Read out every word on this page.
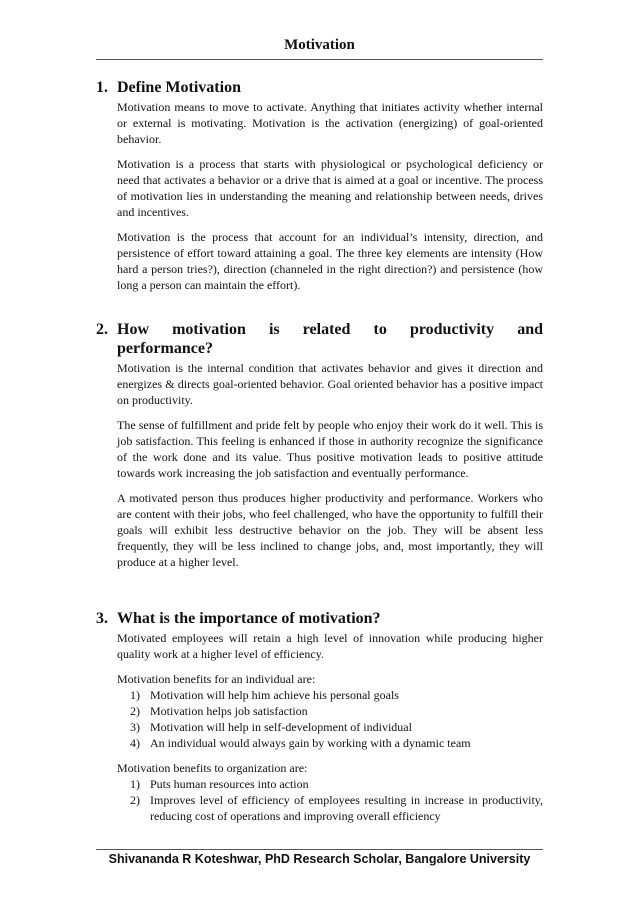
Motivation
1. Define Motivation
Motivation means to move to activate. Anything that initiates activity whether internal or external is motivating. Motivation is the activation (energizing) of goal-oriented behavior.
Motivation is a process that starts with physiological or psychological deficiency or need that activates a behavior or a drive that is aimed at a goal or incentive. The process of motivation lies in understanding the meaning and relationship between needs, drives and incentives.
Motivation is the process that account for an individual’s intensity, direction, and persistence of effort toward attaining a goal. The three key elements are intensity (How hard a person tries?), direction (channeled in the right direction?) and persistence (how long a person can maintain the effort).
2. How motivation is related to productivity and
performance?
Motivation is the internal condition that activates behavior and gives it direction and energizes & directs goal-oriented behavior. Goal oriented behavior has a positive impact on productivity.
The sense of fulfillment and pride felt by people who enjoy their work do it well. This is job satisfaction. This feeling is enhanced if those in authority recognize the significance of the work done and its value. Thus positive motivation leads to positive attitude towards work increasing the job satisfaction and eventually performance.
A motivated person thus produces higher productivity and performance. Workers who are content with their jobs, who feel challenged, who have the opportunity to fulfill their goals will exhibit less destructive behavior on the job. They will be absent less frequently, they will be less inclined to change jobs, and, most importantly, they will produce at a higher level.
3. What is the importance of motivation?
Motivated employees will retain a high level of innovation while producing higher quality work at a higher level of efficiency.
Motivation benefits for an individual are:
1) Motivation will help him achieve his personal goals
2) Motivation helps job satisfaction
3) Motivation will help in self-development of individual
4) An individual would always gain by working with a dynamic team
Motivation benefits to organization are:
1) Puts human resources into action
2) Improves level of efficiency of employees resulting in increase in productivity, reducing cost of operations and improving overall efficiency
Shivananda R Koteshwar, PhD Research Scholar, Bangalore University
